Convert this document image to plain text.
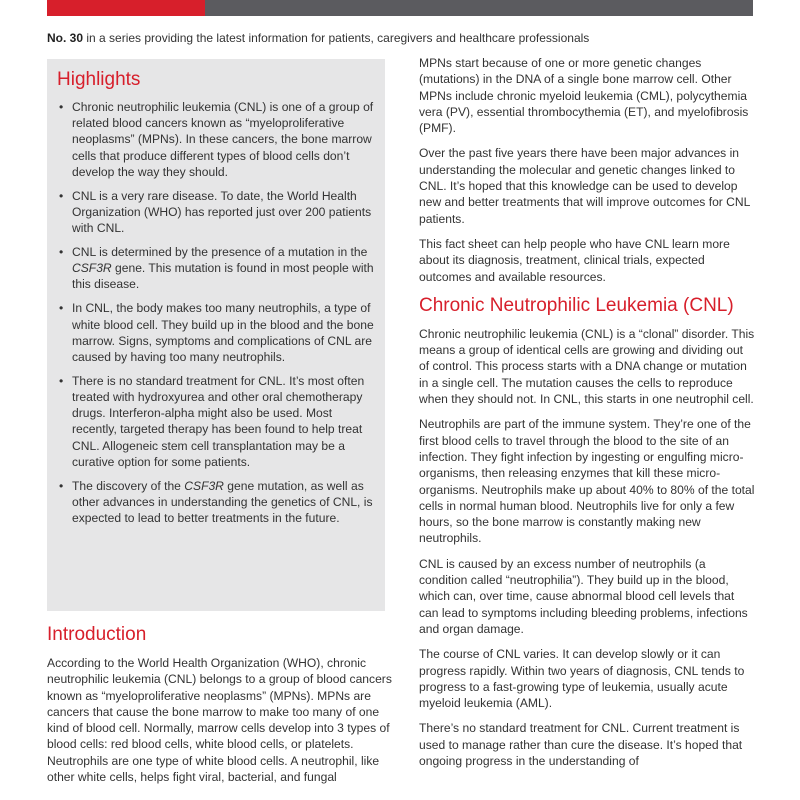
No. 30 in a series providing the latest information for patients, caregivers and healthcare professionals
Highlights
• Chronic neutrophilic leukemia (CNL) is one of a group of related blood cancers known as “myeloproliferative neoplasms” (MPNs). In these cancers, the bone marrow cells that produce different types of blood cells don’t develop the way they should.
• CNL is a very rare disease. To date, the World Health Organization (WHO) has reported just over 200 patients with CNL.
• CNL is determined by the presence of a mutation in the CSF3R gene. This mutation is found in most people with this disease.
• In CNL, the body makes too many neutrophils, a type of white blood cell. They build up in the blood and the bone marrow. Signs, symptoms and complications of CNL are caused by having too many neutrophils.
• There is no standard treatment for CNL. It’s most often treated with hydroxyurea and other oral chemotherapy drugs. Interferon-alpha might also be used. Most recently, targeted therapy has been found to help treat CNL. Allogeneic stem cell transplantation may be a curative option for some patients.
• The discovery of the CSF3R gene mutation, as well as other advances in understanding the genetics of CNL, is expected to lead to better treatments in the future.
Introduction

According to the World Health Organization (WHO), chronic neutrophilic leukemia (CNL) belongs to a group of blood cancers known as “myeloproliferative neoplasms” (MPNs). MPNs are cancers that cause the bone marrow to make too many of one kind of blood cell. Normally, marrow cells develop into 3 types of blood cells: red blood cells, white blood cells, or platelets. Neutrophils are one type of white blood cells. A neutrophil, like other white cells, helps fight viral, bacterial, and fungal

MPNs start because of one or more genetic changes (mutations) in the DNA of a single bone marrow cell. Other MPNs include chronic myeloid leukemia (CML), polycythemia vera (PV), essential thrombocythemia (ET), and myelofibrosis (PMF).

Over the past five years there have been major advances in understanding the molecular and genetic changes linked to CNL. It’s hoped that this knowledge can be used to develop new and better treatments that will improve outcomes for CNL patients.

This fact sheet can help people who have CNL learn more about its diagnosis, treatment, clinical trials, expected outcomes and available resources.

Chronic Neutrophilic Leukemia (CNL)

Chronic neutrophilic leukemia (CNL) is a “clonal” disorder. This means a group of identical cells are growing and dividing out of control. This process starts with a DNA change or mutation in a single cell. The mutation causes the cells to reproduce when they should not. In CNL, this starts in one neutrophil cell.

Neutrophils are part of the immune system. They’re one of the first blood cells to travel through the blood to the site of an infection. They fight infection by ingesting or engulfing micro-organisms, then releasing enzymes that kill these micro-organisms. Neutrophils make up about 40% to 80% of the total cells in normal human blood. Neutrophils live for only a few hours, so the bone marrow is constantly making new neutrophils.

CNL is caused by an excess number of neutrophils (a condition called “neutrophilia”). They build up in the blood, which can, over time, cause abnormal blood cell levels that can lead to symptoms including bleeding problems, infections and organ damage.

The course of CNL varies. It can develop slowly or it can progress rapidly. Within two years of diagnosis, CNL tends to progress to a fast-growing type of leukemia, usually acute myeloid leukemia (AML).

There’s no standard treatment for CNL. Current treatment is used to manage rather than cure the disease. It’s hoped that ongoing progress in the understanding of
